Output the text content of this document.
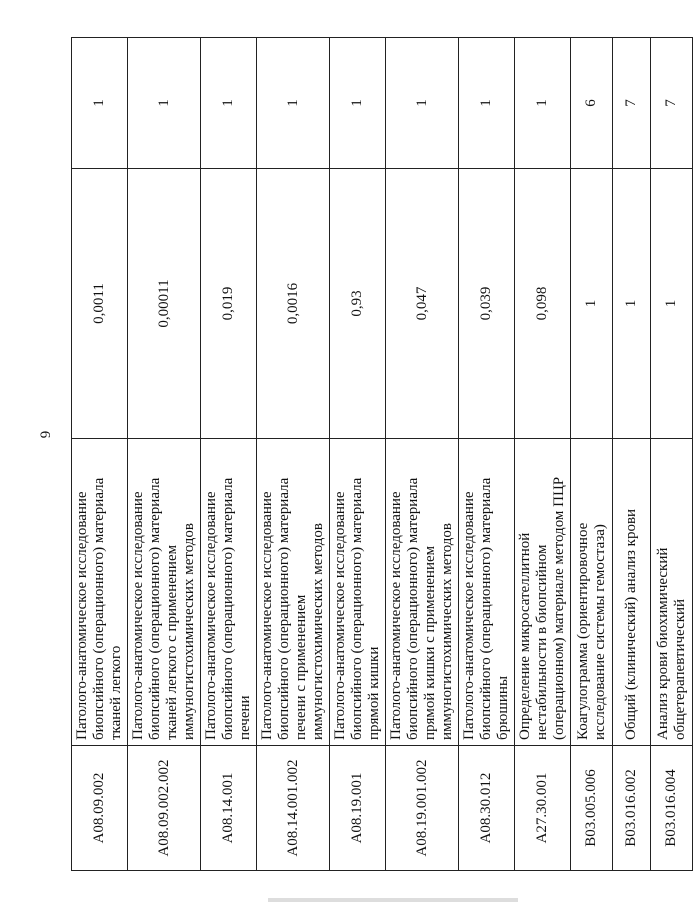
6
A08.09.002	Патолого-анатомическое исследование биопсийного (операционного) материала тканей легкого	0,0011	1
A08.09.002.002	Патолого-анатомическое исследование биопсийного (операционного) материала тканей легкого с применением иммуногистохимических методов	0,00011	1
A08.14.001	Патолого-анатомическое исследование биопсийного (операционного) материала печени	0,019	1
A08.14.001.002	Патолого-анатомическое исследование биопсийного (операционного) материала печени с применением иммуногистохимических методов	0,0016	1
A08.19.001	Патолого-анатомическое исследование биопсийного (операционного) материала прямой кишки	0,93	1
A08.19.001.002	Патолого-анатомическое исследование биопсийного (операционного) материала прямой кишки с применением иммуногистохимических методов	0,047	1
A08.30.012	Патолого-анатомическое исследование биопсийного (операционного) материала брюшины	0,039	1
A27.30.001	Определение микросателлитной нестабильности в биопсийном (операционном) материале методом ПЦР	0,098	1
B03.005.006	Коагулограмма (ориентировочное исследование системы гемостаза)	1	6
B03.016.002	Общий (клинический) анализ крови	1	7
B03.016.004	Анализ крови биохимический общетерапевтический	1	7
